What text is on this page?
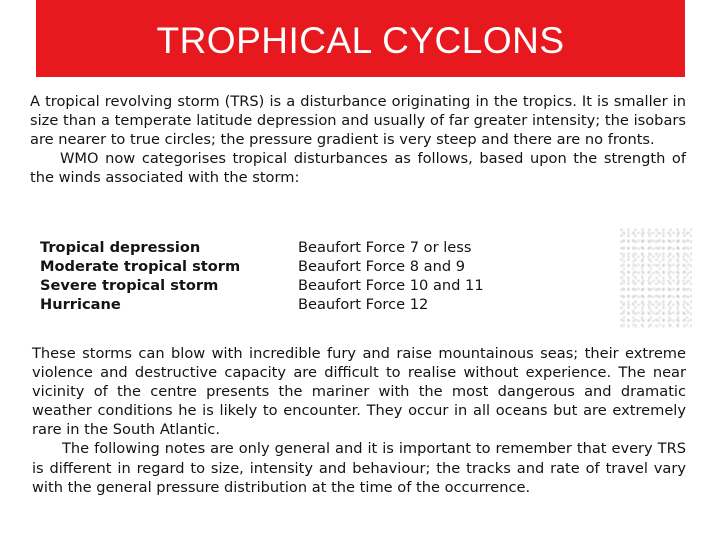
TROPHICAL CYCLONS

A tropical revolving storm (TRS) is a disturbance originating in the tropics. It is smaller in size than a temperate latitude depression and usually of far greater intensity; the isobars are nearer to true circles; the pressure gradient is very steep and there are no fronts.

WMO now categorises tropical disturbances as follows, based upon the strength of the winds associated with the storm:

Tropical depression	Beaufort Force 7 or less
Moderate tropical storm	Beaufort Force 8 and 9
Severe tropical storm	Beaufort Force 10 and 11
Hurricane	Beaufort Force 12

These storms can blow with incredible fury and raise mountainous seas; their extreme violence and destructive capacity are difficult to realise without experience. The near vicinity of the centre presents the mariner with the most dangerous and dramatic weather conditions he is likely to encounter. They occur in all oceans but are extremely rare in the South Atlantic.

The following notes are only general and it is important to remember that every TRS is different in regard to size, intensity and behaviour; the tracks and rate of travel vary with the general pressure distribution at the time of the occurrence.
